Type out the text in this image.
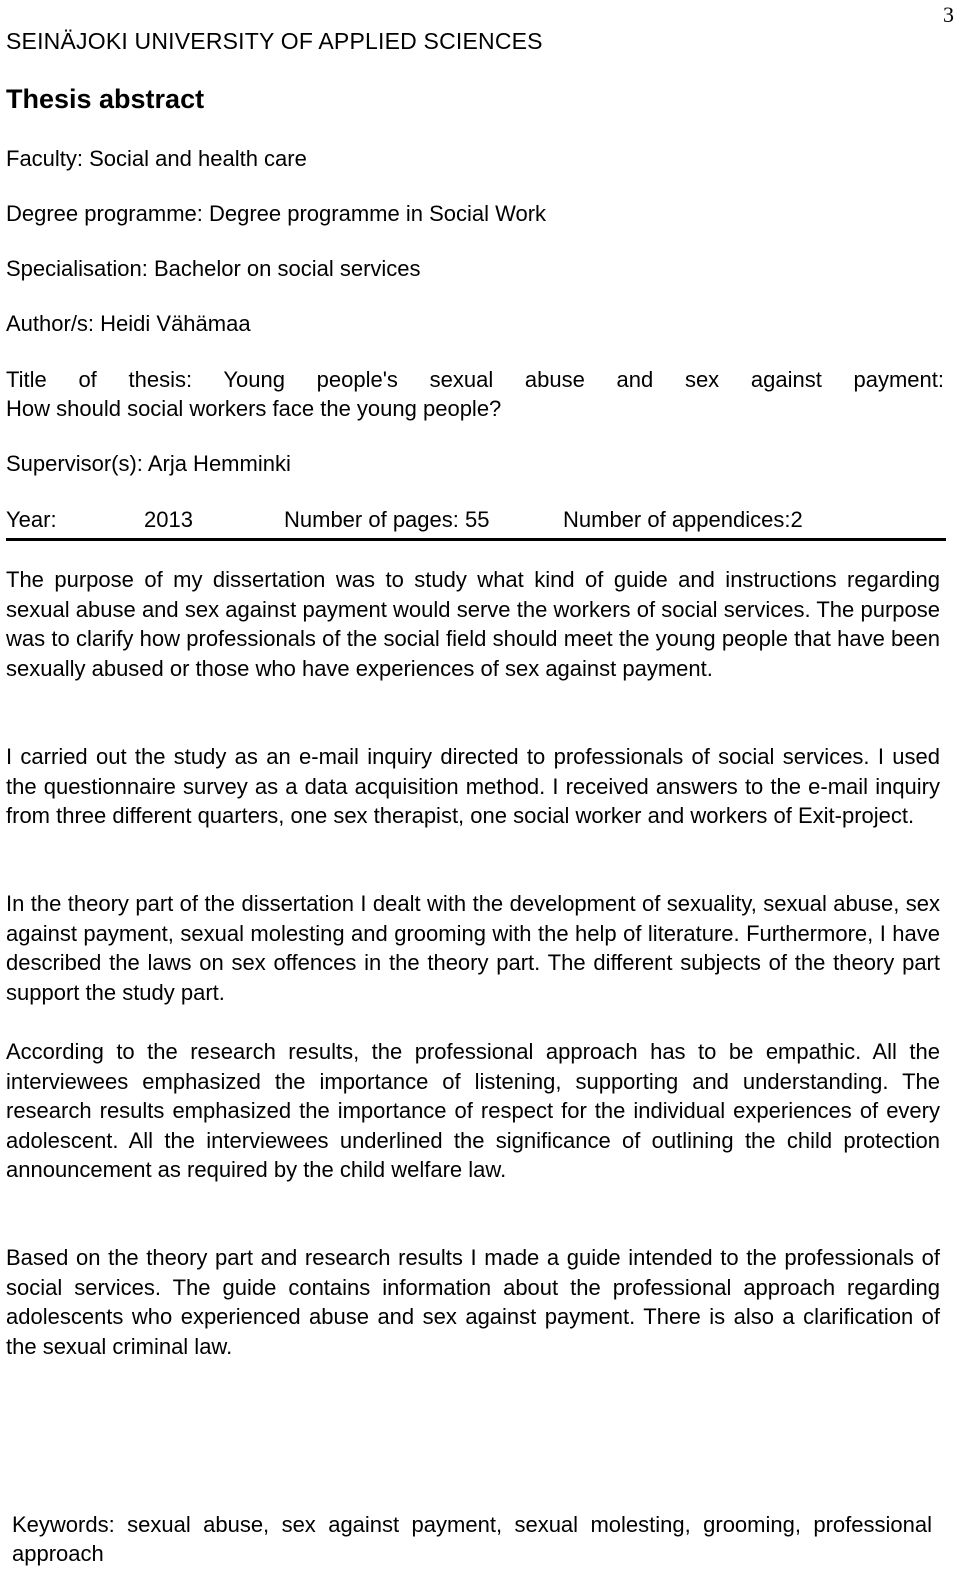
3
SEINÄJOKI UNIVERSITY OF APPLIED SCIENCES
Thesis abstract
Faculty: Social and health care
Degree programme: Degree programme in Social Work
Specialisation: Bachelor on social services
Author/s: Heidi Vähämaa
Title of thesis: Young people's sexual abuse and sex against payment:
How should social workers face the young people?
Supervisor(s): Arja Hemminki
Year:	2013	Number of pages: 55	Number of appendices:2

The purpose of my dissertation was to study what kind of guide and instructions regarding sexual abuse and sex against payment would serve the workers of social services. The purpose was to clarify how professionals of the social field should meet the young people that have been sexually abused or those who have experiences of sex against payment.

I carried out the study as an e-mail inquiry directed to professionals of social services. I used the questionnaire survey as a data acquisition method. I received answers to the e-mail inquiry from three different quarters, one sex therapist, one social worker and workers of Exit-project.

In the theory part of the dissertation I dealt with the development of sexuality, sexual abuse, sex against payment, sexual molesting and grooming with the help of literature. Furthermore, I have described the laws on sex offences in the theory part. The different subjects of the theory part support the study part.

According to the research results, the professional approach has to be empathic. All the interviewees emphasized the importance of listening, supporting and understanding. The research results emphasized the importance of respect for the individual experiences of every adolescent. All the interviewees underlined the significance of outlining the child protection announcement as required by the child welfare law.

Based on the theory part and research results I made a guide intended to the professionals of social services. The guide contains information about the professional approach regarding adolescents who experienced abuse and sex against payment. There is also a clarification of the sexual criminal law.

Keywords: sexual abuse, sex against payment, sexual molesting, grooming, professional approach
